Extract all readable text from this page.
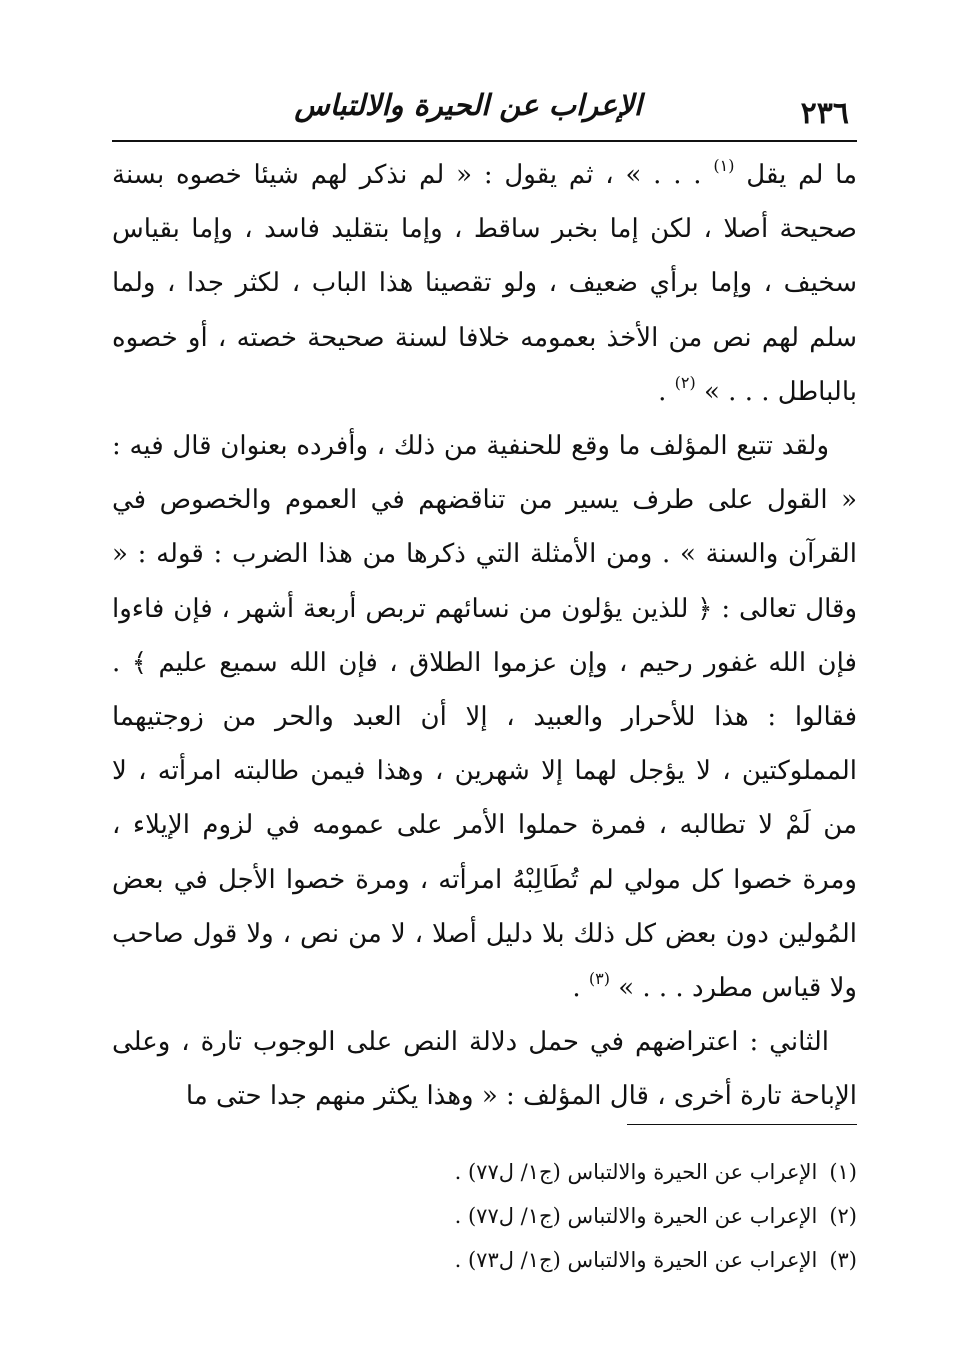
٢٣٦
الإعراب عن الحيرة والالتباس

ما لم يقل $^{(١)}$ . . . » ، ثم يقول : « لم نذكر لهم شيئا خصوه بسنة صحيحة أصلا ، لكن إما بخبر ساقط ، وإما بتقليد فاسد ، وإما بقياس سخيف ، وإما برأي ضعيف ، ولو تقصينا هذا الباب ، لكثر جدا ، ولما سلم لهم نص من الأخذ بعمومه خلافا لسنة صحيحة خصته ، أو خصوه بالباطل . . . » $^{(٢)}$ .

ولقد تتبع المؤلف ما وقع للحنفية من ذلك ، وأفرده بعنوان قال فيه : « القول على طرف يسير من تناقضهم في العموم والخصوص في القرآن والسنة » . ومن الأمثلة التي ذكرها من هذا الضرب : قوله : « وقال تعالى : ﴿ للذين يؤلون من نسائهم تربص أربعة أشهر ، فإن فاءوا فإن الله غفور رحيم ، وإن عزموا الطلاق ، فإن الله سميع عليم ﴾ . فقالوا : هذا للأحرار والعبيد ، إلا أن العبد والحر من زوجتيهما المملوكتين ، لا يؤجل لهما إلا شهرين ، وهذا فيمن طالبته امرأته ، لا من لَمْ لا تطالبه ، فمرة حملوا الأمر على عمومه في لزوم الإيلاء ، ومرة خصوا كل مولي لم تُطَالِبْهُ امرأته ، ومرة خصوا الأجل في بعض المُولين دون بعض كل ذلك بلا دليل أصلا ، لا من نص ، ولا قول صاحب ولا قياس مطرد . . . » $^{(٣)}$ .

الثاني : اعتراضهم في حمل دلالة النص على الوجوب تارة ، وعلى الإباحة تارة أخرى ، قال المؤلف : « وهذا يكثر منهم جدا حتى ما

(١)الإعراب عن الحيرة والالتباس (ج١/ ل٧٧) .
(٢)الإعراب عن الحيرة والالتباس (ج١/ ل٧٧) .
(٣)الإعراب عن الحيرة والالتباس (ج١/ ل٧٣) .
